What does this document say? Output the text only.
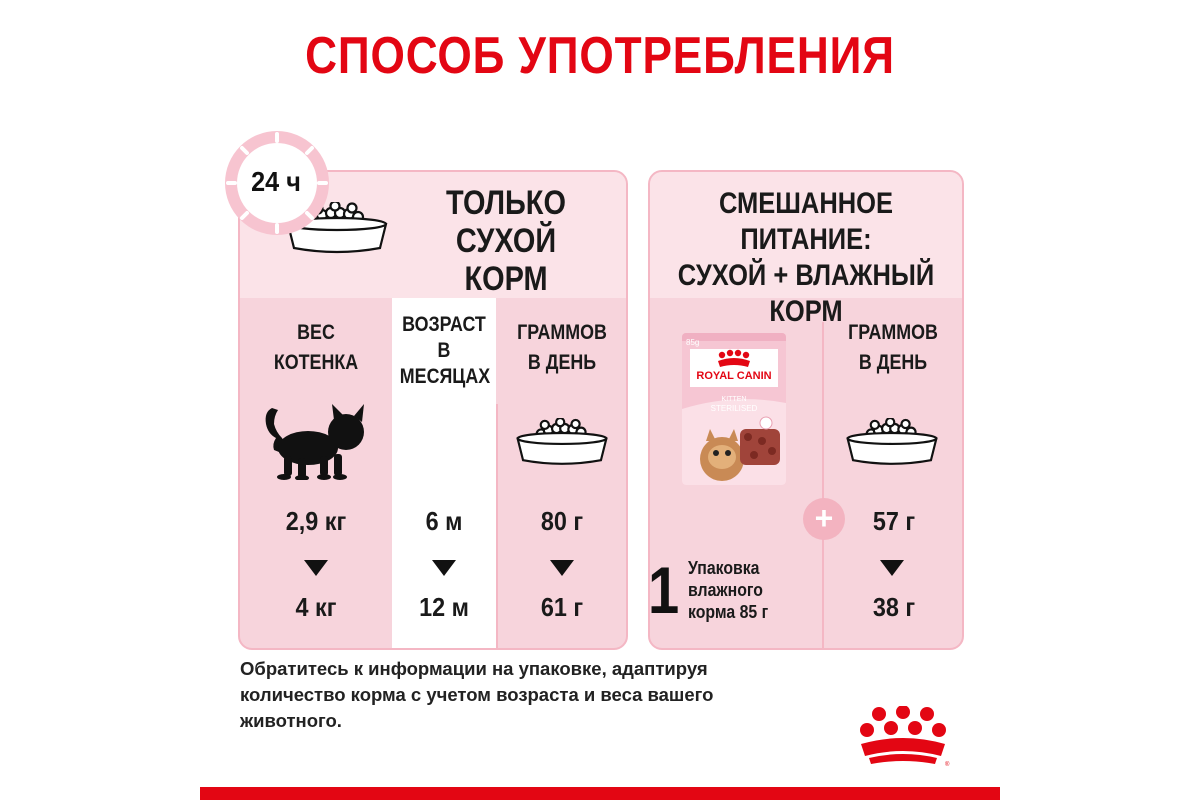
СПОСОБ УПОТРЕБЛЕНИЯ
ТОЛЬКО
СУХОЙ
КОРМ
ВЕС
КОТЕНКА
ВОЗРАСТ
В
МЕСЯЦАХ
ГРАММОВ
В ДЕНЬ
2,9 кг	6 м	80 г
4 кг	12 м	61 г
24 ч
СМЕШАННОЕ ПИТАНИЕ:
СУХОЙ + ВЛАЖНЫЙ
КОРМ
ГРАММОВ
В ДЕНЬ
57 г
38 г
85g
ROYAL CANIN
KITTEN
STERILISED
+
1 Упаковка
влажного
корма 85 г
Обратитесь к информации на упаковке, адаптируя
количество корма с учетом возраста и веса вашего
животного.
®
